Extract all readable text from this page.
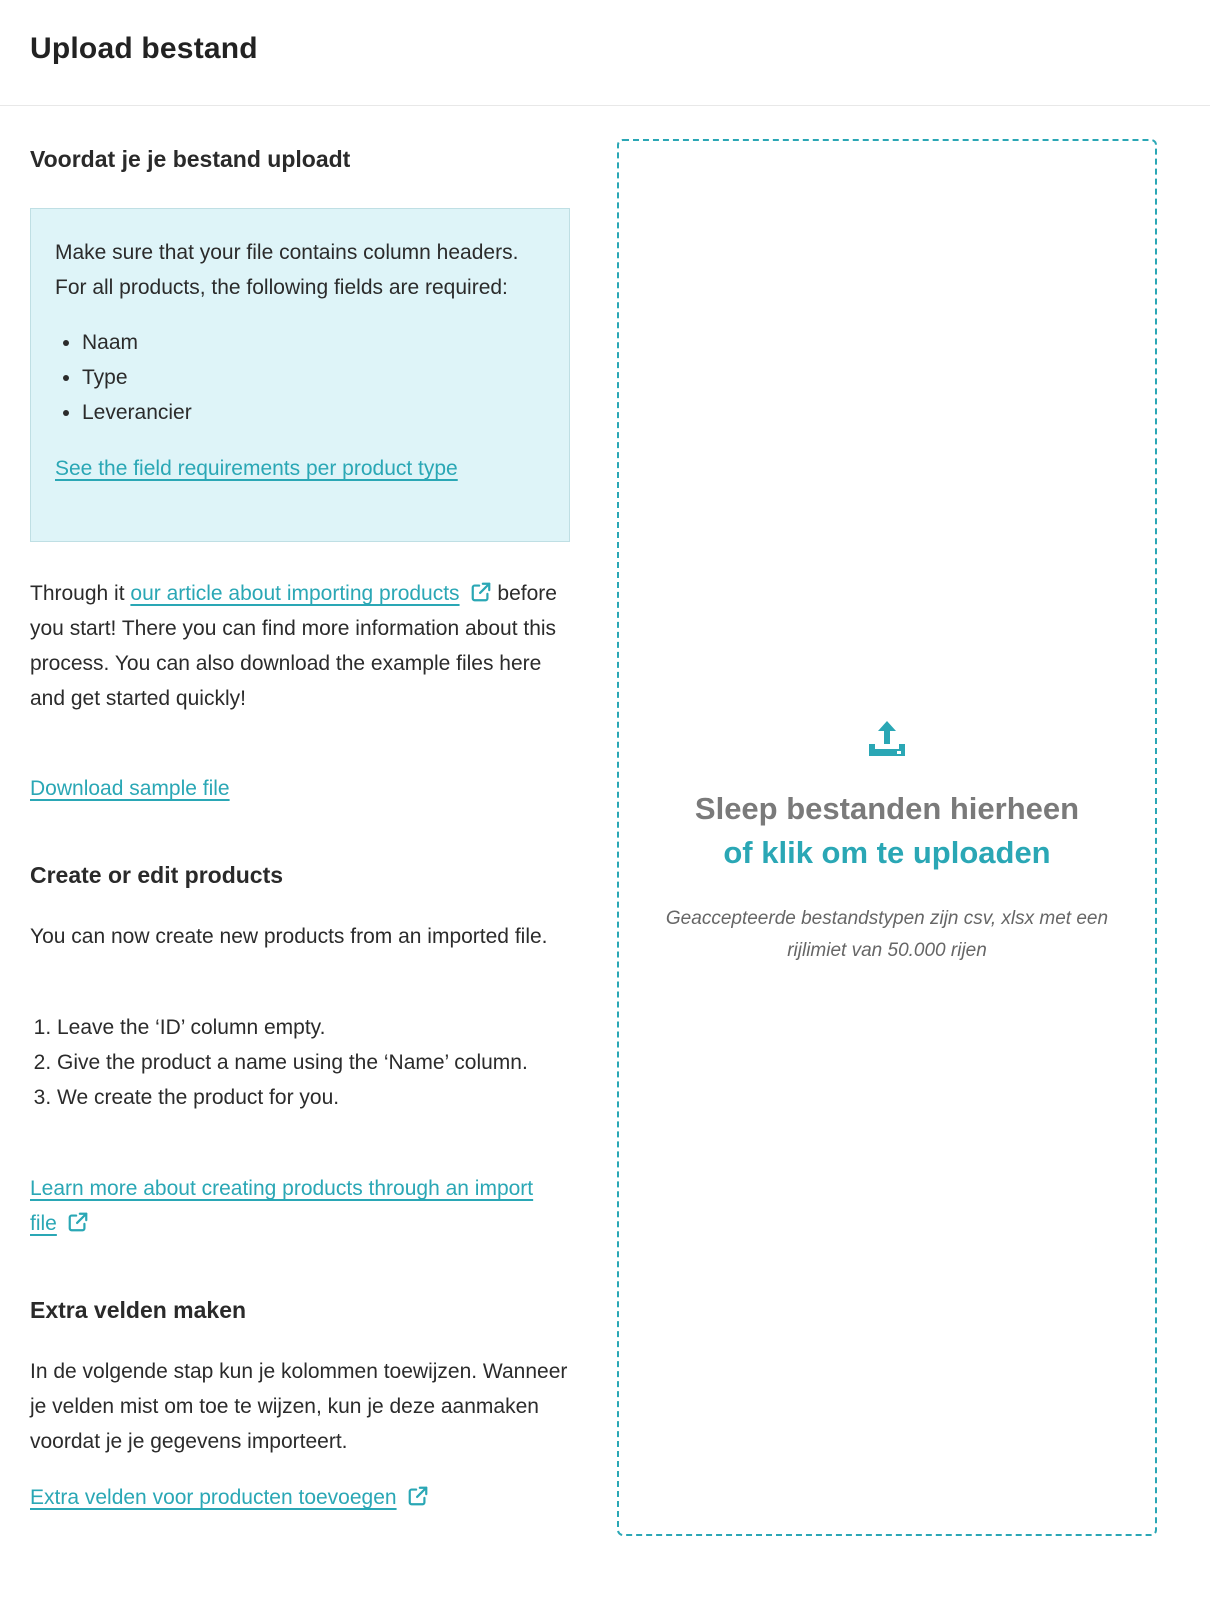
Upload bestand
Voordat je je bestand uploadt

Make sure that your file contains column headers. For all products, the following fields are required:

• Naam
• Type
• Leverancier
See the field requirements per product type

Through it our article about importing products before you start! There you can find more information about this process. You can also download the example files here and get started quickly!

Download sample file
Create or edit products

You can now create new products from an imported file.

1. Leave the ‘ID’ column empty.
2. Give the product a name using the ‘Name’ column.
3. We create the product for you.
Learn more about creating products through an import file
Extra velden maken

In de volgende stap kun je kolommen toewijzen. Wanneer je velden mist om toe te wijzen, kun je deze aanmaken voordat je je gegevens importeert.

Extra velden voor producten toevoegen
Sleep bestanden hierheen
of klik om te uploaden
Geaccepteerde bestandstypen zijn csv, xlsx met een rijlimiet van 50.000 rijen
